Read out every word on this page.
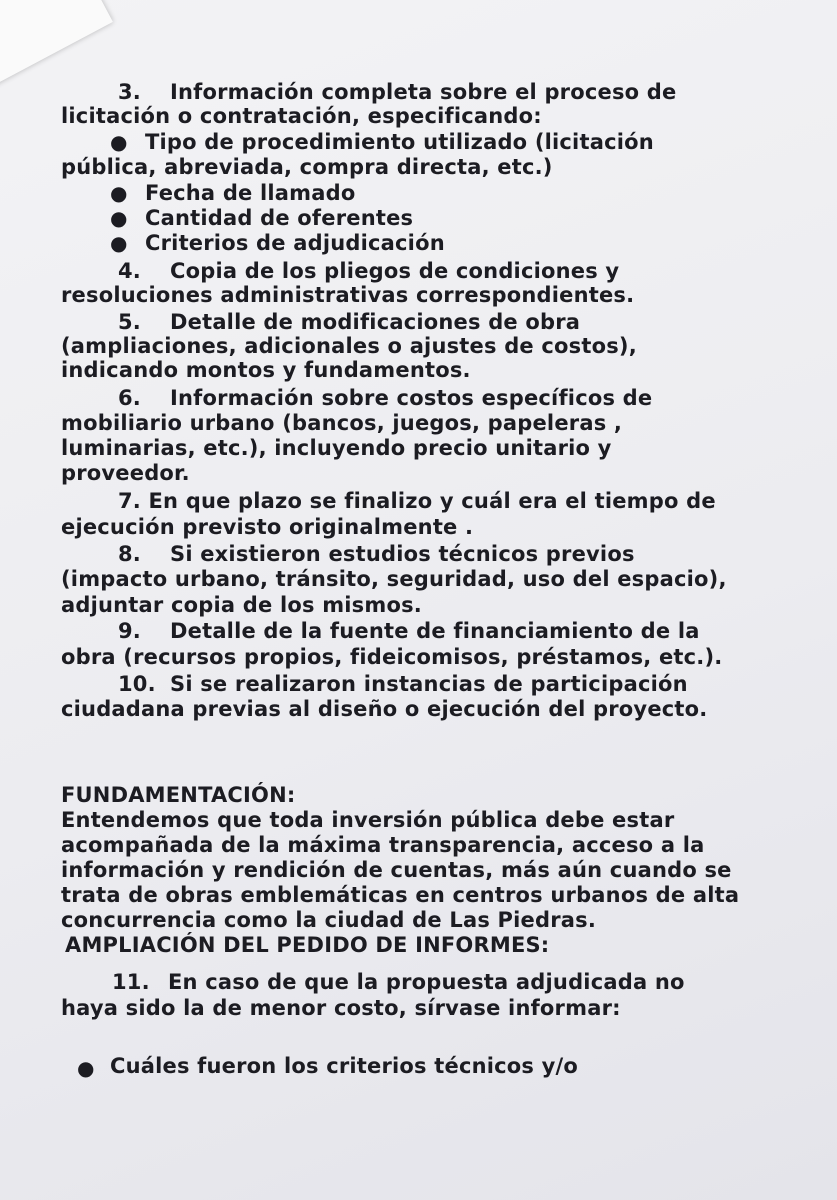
3. Información completa sobre el proceso de
licitación o contratación, especificando:
● Tipo de procedimiento utilizado (licitación
pública, abreviada, compra directa, etc.)
● Fecha de llamado
● Cantidad de oferentes
● Criterios de adjudicación
4. Copia de los pliegos de condiciones y
resoluciones administrativas correspondientes.
5. Detalle de modificaciones de obra
(ampliaciones, adicionales o ajustes de costos),
indicando montos y fundamentos.
6. Información sobre costos específicos de
mobiliario urbano (bancos, juegos, papeleras ,
luminarias, etc.), incluyendo precio unitario y
proveedor.
7. En que plazo se finalizo y cuál era el tiempo de
ejecución previsto originalmente .
8. Si existieron estudios técnicos previos
(impacto urbano, tránsito, seguridad, uso del espacio),
adjuntar copia de los mismos.
9. Detalle de la fuente de financiamiento de la
obra (recursos propios, fideicomisos, préstamos, etc.).
10. Si se realizaron instancias de participación
ciudadana previas al diseño o ejecución del proyecto.
FUNDAMENTACIÓN:
Entendemos que toda inversión pública debe estar
acompañada de la máxima transparencia, acceso a la
información y rendición de cuentas, más aún cuando se
trata de obras emblemáticas en centros urbanos de alta
concurrencia como la ciudad de Las Piedras.
AMPLIACIÓN DEL PEDIDO DE INFORMES:
11. En caso de que la propuesta adjudicada no
haya sido la de menor costo, sírvase informar:
● Cuáles fueron los criterios técnicos y/o
